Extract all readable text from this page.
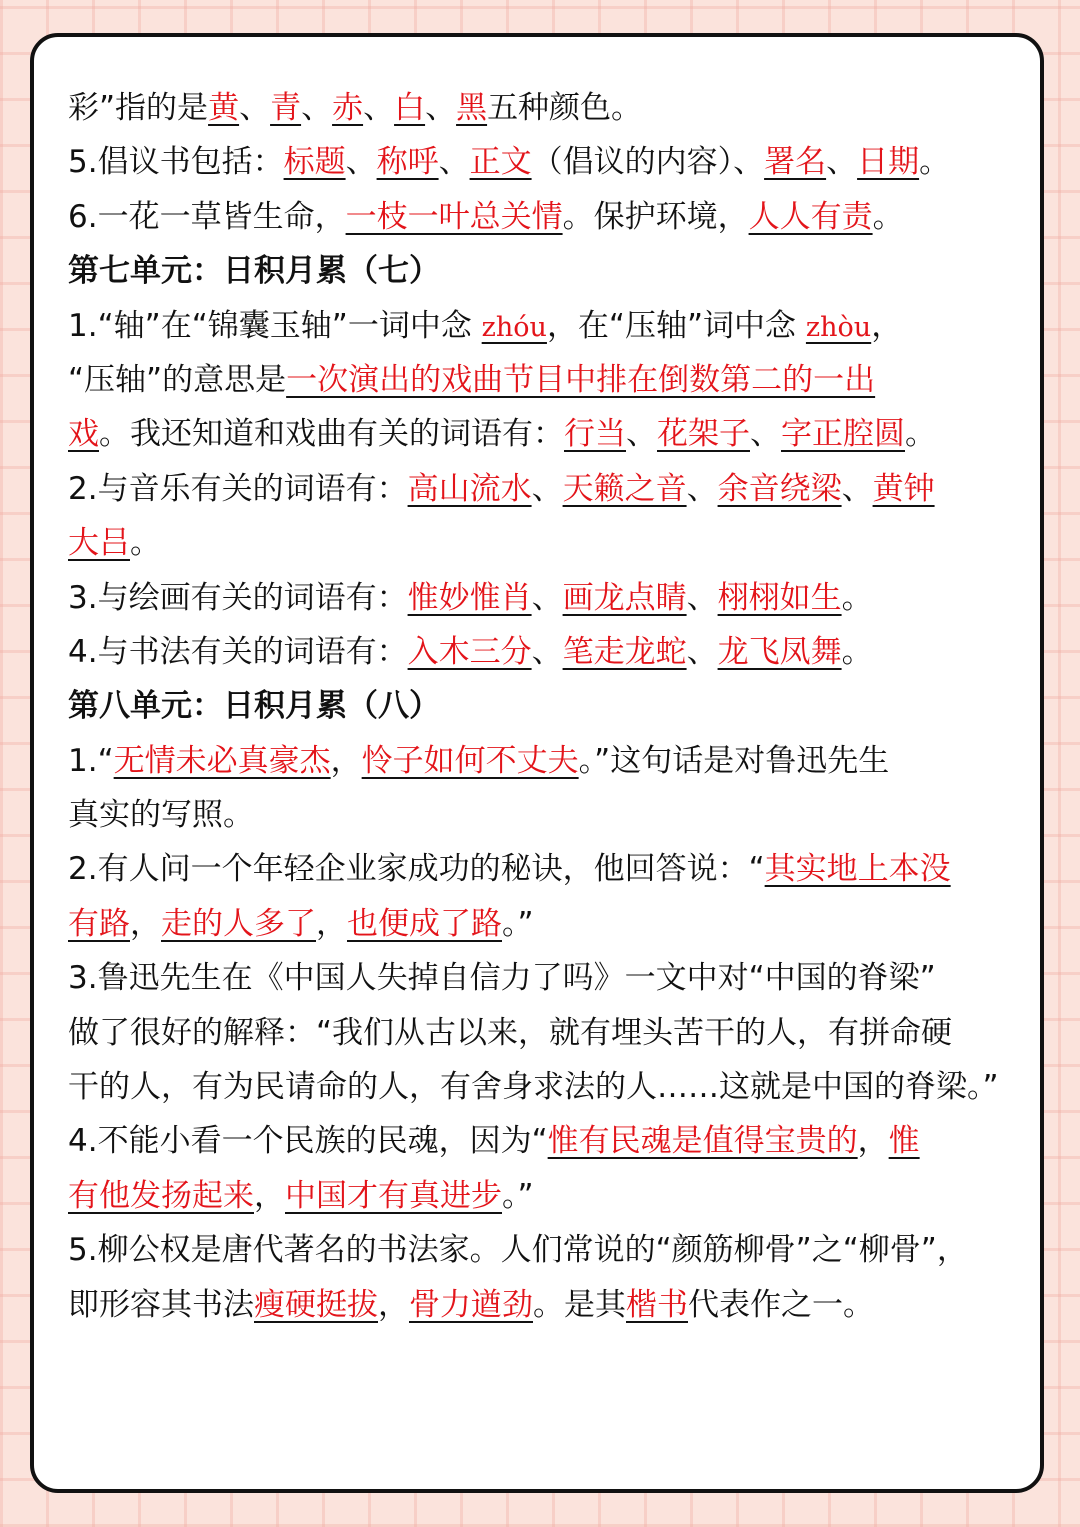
彩”指的是黄、青、赤、白、黑五种颜色。
5.倡议书包括：标题、称呼、正文（倡议的内容）、署名、日期。
6.一花一草皆生命，一枝一叶总关情。保护环境，人人有责。
第七单元：日积月累（七）
1.“轴”在“锦囊玉轴”一词中念 zhóu，在“压轴”词中念 zhòu，
“压轴”的意思是一次演出的戏曲节目中排在倒数第二的一出
戏。我还知道和戏曲有关的词语有：行当、花架子、字正腔圆。
2.与音乐有关的词语有：高山流水、天籁之音、余音绕梁、黄钟
大吕。
3.与绘画有关的词语有：惟妙惟肖、画龙点睛、栩栩如生。
4.与书法有关的词语有：入木三分、笔走龙蛇、龙飞凤舞。
第八单元：日积月累（八）
1.“无情未必真豪杰，怜子如何不丈夫。”这句话是对鲁迅先生
真实的写照。
2.有人问一个年轻企业家成功的秘诀，他回答说：“其实地上本没
有路，走的人多了，也便成了路。”
3.鲁迅先生在《中国人失掉自信力了吗》一文中对“中国的脊梁”
做了很好的解释：“我们从古以来，就有埋头苦干的人，有拼命硬
干的人，有为民请命的人，有舍身求法的人……这就是中国的脊梁。”
4.不能小看一个民族的民魂，因为“惟有民魂是值得宝贵的，惟
有他发扬起来，中国才有真进步。”
5.柳公权是唐代著名的书法家。人们常说的“颜筋柳骨”之“柳骨”，
即形容其书法瘦硬挺拔，骨力遒劲。是其楷书代表作之一。
